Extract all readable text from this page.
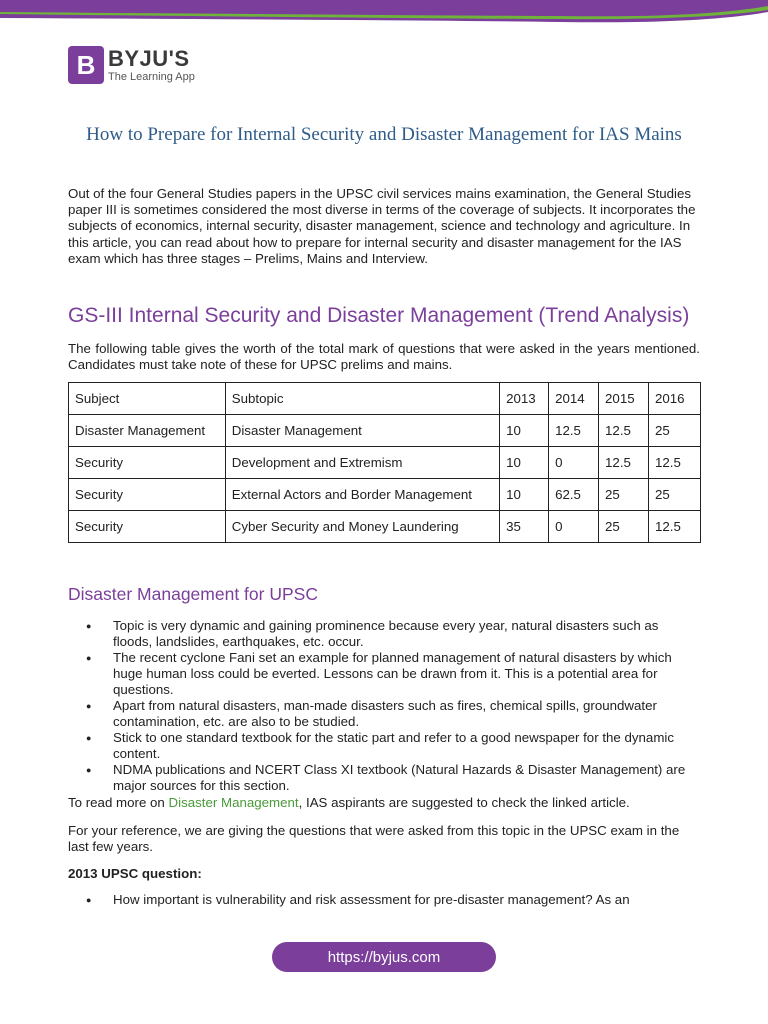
B BYJU'S
The Learning App
How to Prepare for Internal Security and Disaster Management for IAS Mains

Out of the four General Studies papers in the UPSC civil services mains examination, the General Studies paper III is sometimes considered the most diverse in terms of the coverage of subjects. It incorporates the subjects of economics, internal security, disaster management, science and technology and agriculture. In this article, you can read about how to prepare for internal security and disaster management for the IAS exam which has three stages – Prelims, Mains and Interview.

GS-III Internal Security and Disaster Management (Trend Analysis)

The following table gives the worth of the total mark of questions that were asked in the years mentioned. Candidates must take note of these for UPSC prelims and mains.

Subject	Subtopic	2013	2014	2015	2016
Disaster Management	Disaster Management	10	12.5	12.5	25
Security	Development and Extremism	10	0	12.5	12.5
Security	External Actors and Border Management	10	62.5	25	25
Security	Cyber Security and Money Laundering	35	0	25	12.5
Disaster Management for UPSC
● Topic is very dynamic and gaining prominence because every year, natural disasters such as floods, landslides, earthquakes, etc. occur.
● The recent cyclone Fani set an example for planned management of natural disasters by which huge human loss could be everted. Lessons can be drawn from it. This is a potential area for questions.
● Apart from natural disasters, man-made disasters such as fires, chemical spills, groundwater contamination, etc. are also to be studied.
● Stick to one standard textbook for the static part and refer to a good newspaper for the dynamic content.
● NDMA publications and NCERT Class XI textbook (Natural Hazards & Disaster Management) are major sources for this section.

To read more on Disaster Management, IAS aspirants are suggested to check the linked article.

For your reference, we are giving the questions that were asked from this topic in the UPSC exam in the last few years.

2013 UPSC question:

● How important is vulnerability and risk assessment for pre-disaster management? As an
https://byjus.com
